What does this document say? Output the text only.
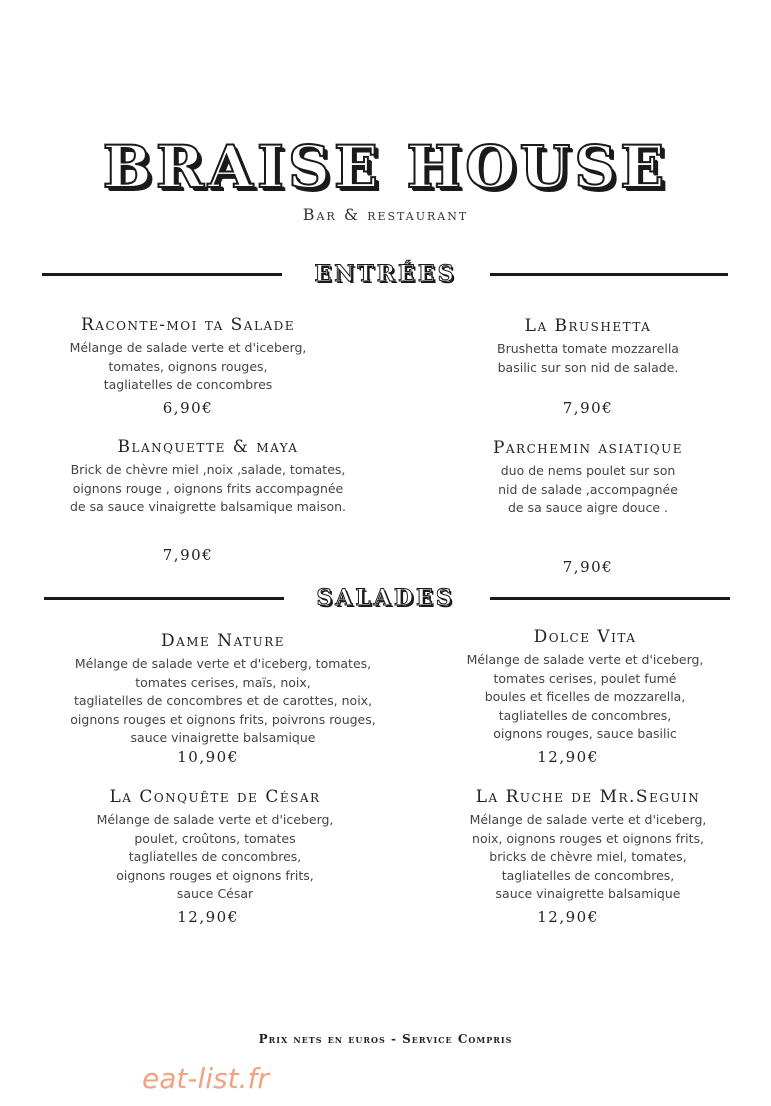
BRAISE HOUSE
Bar & restaurant
ENTRÉES
Raconte-moi ta Salade
Mélange de salade verte et d'iceberg,
tomates, oignons rouges,
tagliatelles de concombres
6,90€
La Brushetta
Brushetta tomate mozzarella
basilic sur son nid de salade.
7,90€
Blanquette & maya
Brick de chèvre miel ,noix ,salade, tomates,
oignons rouge , oignons frits accompagnée
de sa sauce vinaigrette balsamique maison.
7,90€
Parchemin asiatique
duo de nems poulet sur son
nid de salade ,accompagnée
de sa sauce aigre douce .
7,90€
SALADES
Dame Nature
Mélange de salade verte et d'iceberg, tomates,
tomates cerises, maïs, noix,
tagliatelles de concombres et de carottes, noix,
oignons rouges et oignons frits, poivrons rouges,
sauce vinaigrette balsamique
10,90€
Dolce Vita
Mélange de salade verte et d'iceberg,
tomates cerises, poulet fumé
boules et ficelles de mozzarella,
tagliatelles de concombres,
oignons rouges, sauce basilic
12,90€
La Conquête de César
Mélange de salade verte et d'iceberg,
poulet, croûtons, tomates
tagliatelles de concombres,
oignons rouges et oignons frits,
sauce César
12,90€
La Ruche de Mr.Seguin
Mélange de salade verte et d'iceberg,
noix, oignons rouges et oignons frits,
bricks de chèvre miel, tomates,
tagliatelles de concombres,
sauce vinaigrette balsamique
12,90€
Prix nets en euros - Service Compris
eat-list.fr
